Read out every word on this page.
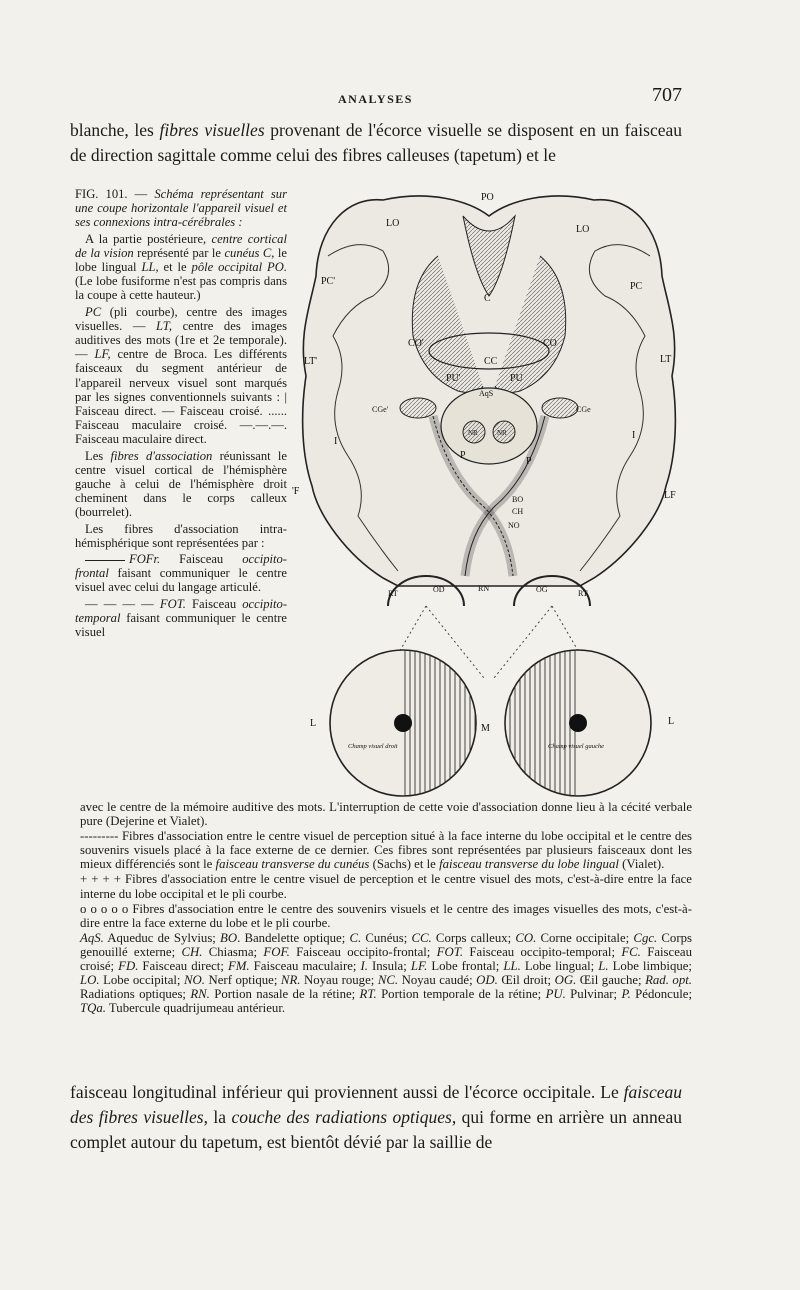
ANALYSES	707
blanche, les fibres visuelles provenant de l'écorce visuelle se disposent en un faisceau de direction sagittale comme celui des fibres calleuses (tapetum) et le

FIG. 101. — Schéma représentant sur une coupe horizontale l'appareil visuel et ses connexions intra-cérébrales :

A la partie postérieure, centre cortical de la vision représenté par le cunéus C, le lobe lingual LL, et le pôle occipital PO. (Le lobe fusiforme n'est pas compris dans la coupe à cette hauteur.)

PC (pli courbe), centre des images visuelles. — LT, centre des images auditives des mots (1re et 2e temporale). — LF, centre de Broca. Les différents faisceaux du segment antérieur de l'appareil nerveux visuel sont marqués par les signes conventionnels suivants : | Faisceau direct. — Faisceau croisé. ...... Faisceau maculaire croisé. —.—.—. Faisceau maculaire direct.

Les fibres d'association réunissant le centre visuel cortical de l'hémisphère gauche à celui de l'hémisphère droit cheminent dans le corps calleux (bourrelet).

Les fibres d'association intra-hémisphérique sont représentées par :

FOFr. Faisceau occipito-frontal faisant communiquer le centre visuel avec celui du langage articulé.

— — — — FOT. Faisceau occipito-temporal faisant communiquer le centre visuel

PO
LO
LO
PC'	PC
C
CC
CO'	CO
LT'	LT
PU'	PU
AqS
CGe'	CGe
NR	NR
P
P
I
I
'F	LF
BO
CH
NO
RN
RT	RT
OD	OG
L	M
L
Champ visuel droit	Champ visuel gauche

avec le centre de la mémoire auditive des mots. L'interruption de cette voie d'association donne lieu à la cécité verbale pure (Dejerine et Vialet).

--------- Fibres d'association entre le centre visuel de perception situé à la face interne du lobe occipital et le centre des souvenirs visuels placé à la face externe de ce dernier. Ces fibres sont représentées par plusieurs faisceaux dont les mieux différenciés sont le faisceau transverse du cunéus (Sachs) et le faisceau transverse du lobe lingual (Vialet).

+ + + + Fibres d'association entre le centre visuel de perception et le centre visuel des mots, c'est-à-dire entre la face interne du lobe occipital et le pli courbe.

o o o o o Fibres d'association entre le centre des souvenirs visuels et le centre des images visuelles des mots, c'est-à-dire entre la face externe du lobe et le pli courbe.

AqS. Aqueduc de Sylvius; BO. Bandelette optique; C. Cunéus; CC. Corps calleux; CO. Corne occipitale; Cgc. Corps genouillé externe; CH. Chiasma; FOF. Faisceau occipito-frontal; FOT. Faisceau occipito-temporal; FC. Faisceau croisé; FD. Faisceau direct; FM. Faisceau maculaire; I. Insula; LF. Lobe frontal; LL. Lobe lingual; L. Lobe limbique; LO. Lobe occipital; NO. Nerf optique; NR. Noyau rouge; NC. Noyau caudé; OD. Œil droit; OG. Œil gauche; Rad. opt. Radiations optiques; RN. Portion nasale de la rétine; RT. Portion temporale de la rétine; PU. Pulvinar; P. Pédoncule; TQa. Tubercule quadrijumeau antérieur.

faisceau longitudinal inférieur qui proviennent aussi de l'écorce occipitale. Le faisceau des fibres visuelles, la couche des radiations optiques, qui forme en arrière un anneau complet autour du tapetum, est bientôt dévié par la saillie de
